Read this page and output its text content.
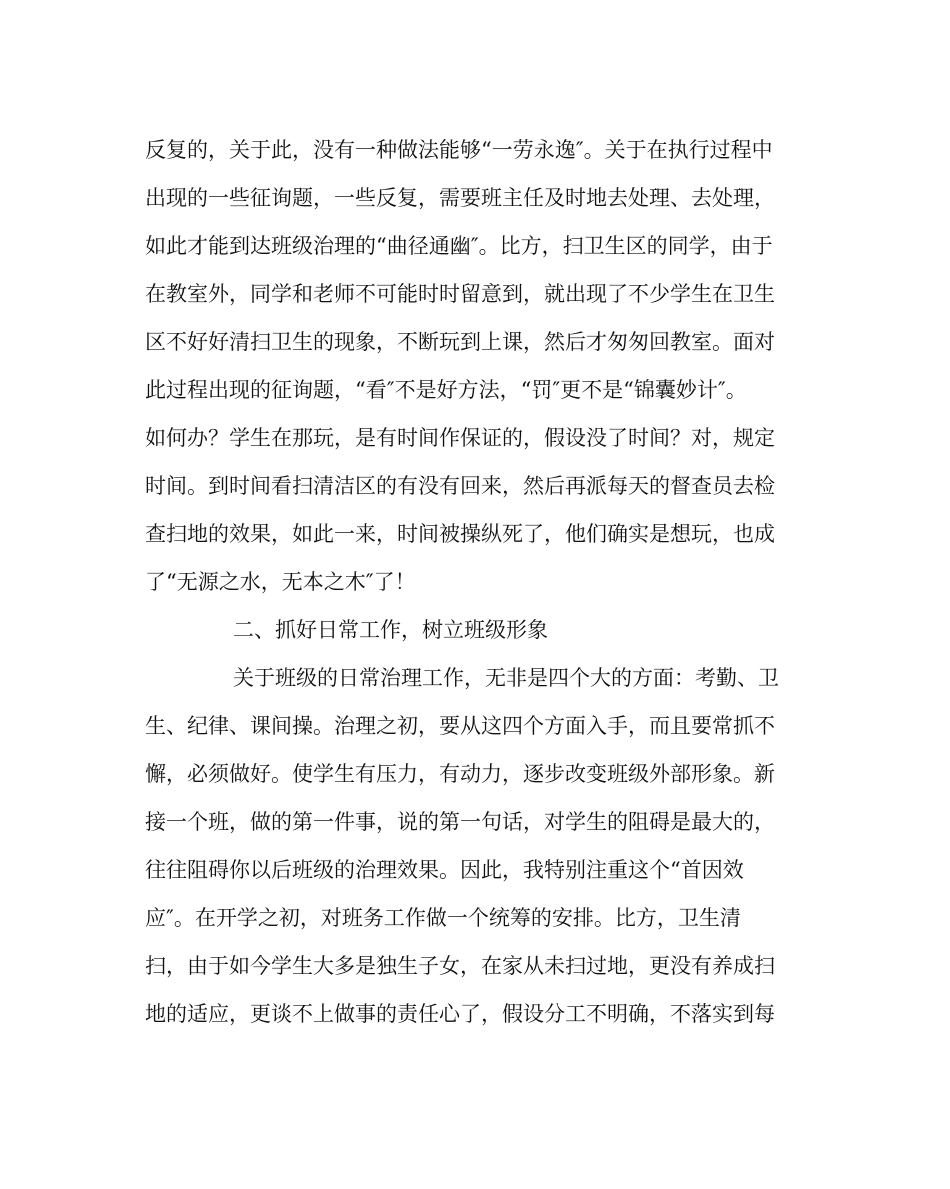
反复的，关于此，没有一种做法能够“一劳永逸″。关于在执行过程中
出现的一些征询题，一些反复，需要班主任及时地去处理、去处理，
如此才能到达班级治理的“曲径通幽″。比方，扫卫生区的同学，由于
在教室外，同学和老师不可能时时留意到，就出现了不少学生在卫生
区不好好清扫卫生的现象，不断玩到上课，然后才匆匆回教室。面对
此过程出现的征询题，“看″不是好方法，“罚″更不是“锦囊妙计″。
如何办？学生在那玩，是有时间作保证的，假设没了时间？对，规定
时间。到时间看扫清洁区的有没有回来，然后再派每天的督查员去检
查扫地的效果，如此一来，时间被操纵死了，他们确实是想玩，也成
了“无源之水，无本之木″了！
二、抓好日常工作，树立班级形象
关于班级的日常治理工作，无非是四个大的方面：考勤、卫
生、纪律、课间操。治理之初，要从这四个方面入手，而且要常抓不
懈，必须做好。使学生有压力，有动力，逐步改变班级外部形象。新
接一个班，做的第一件事，说的第一句话，对学生的阻碍是最大的，
往往阻碍你以后班级的治理效果。因此，我特别注重这个“首因效
应″。在开学之初，对班务工作做一个统筹的安排。比方，卫生清
扫，由于如今学生大多是独生子女，在家从未扫过地，更没有养成扫
地的适应，更谈不上做事的责任心了，假设分工不明确，不落实到每
